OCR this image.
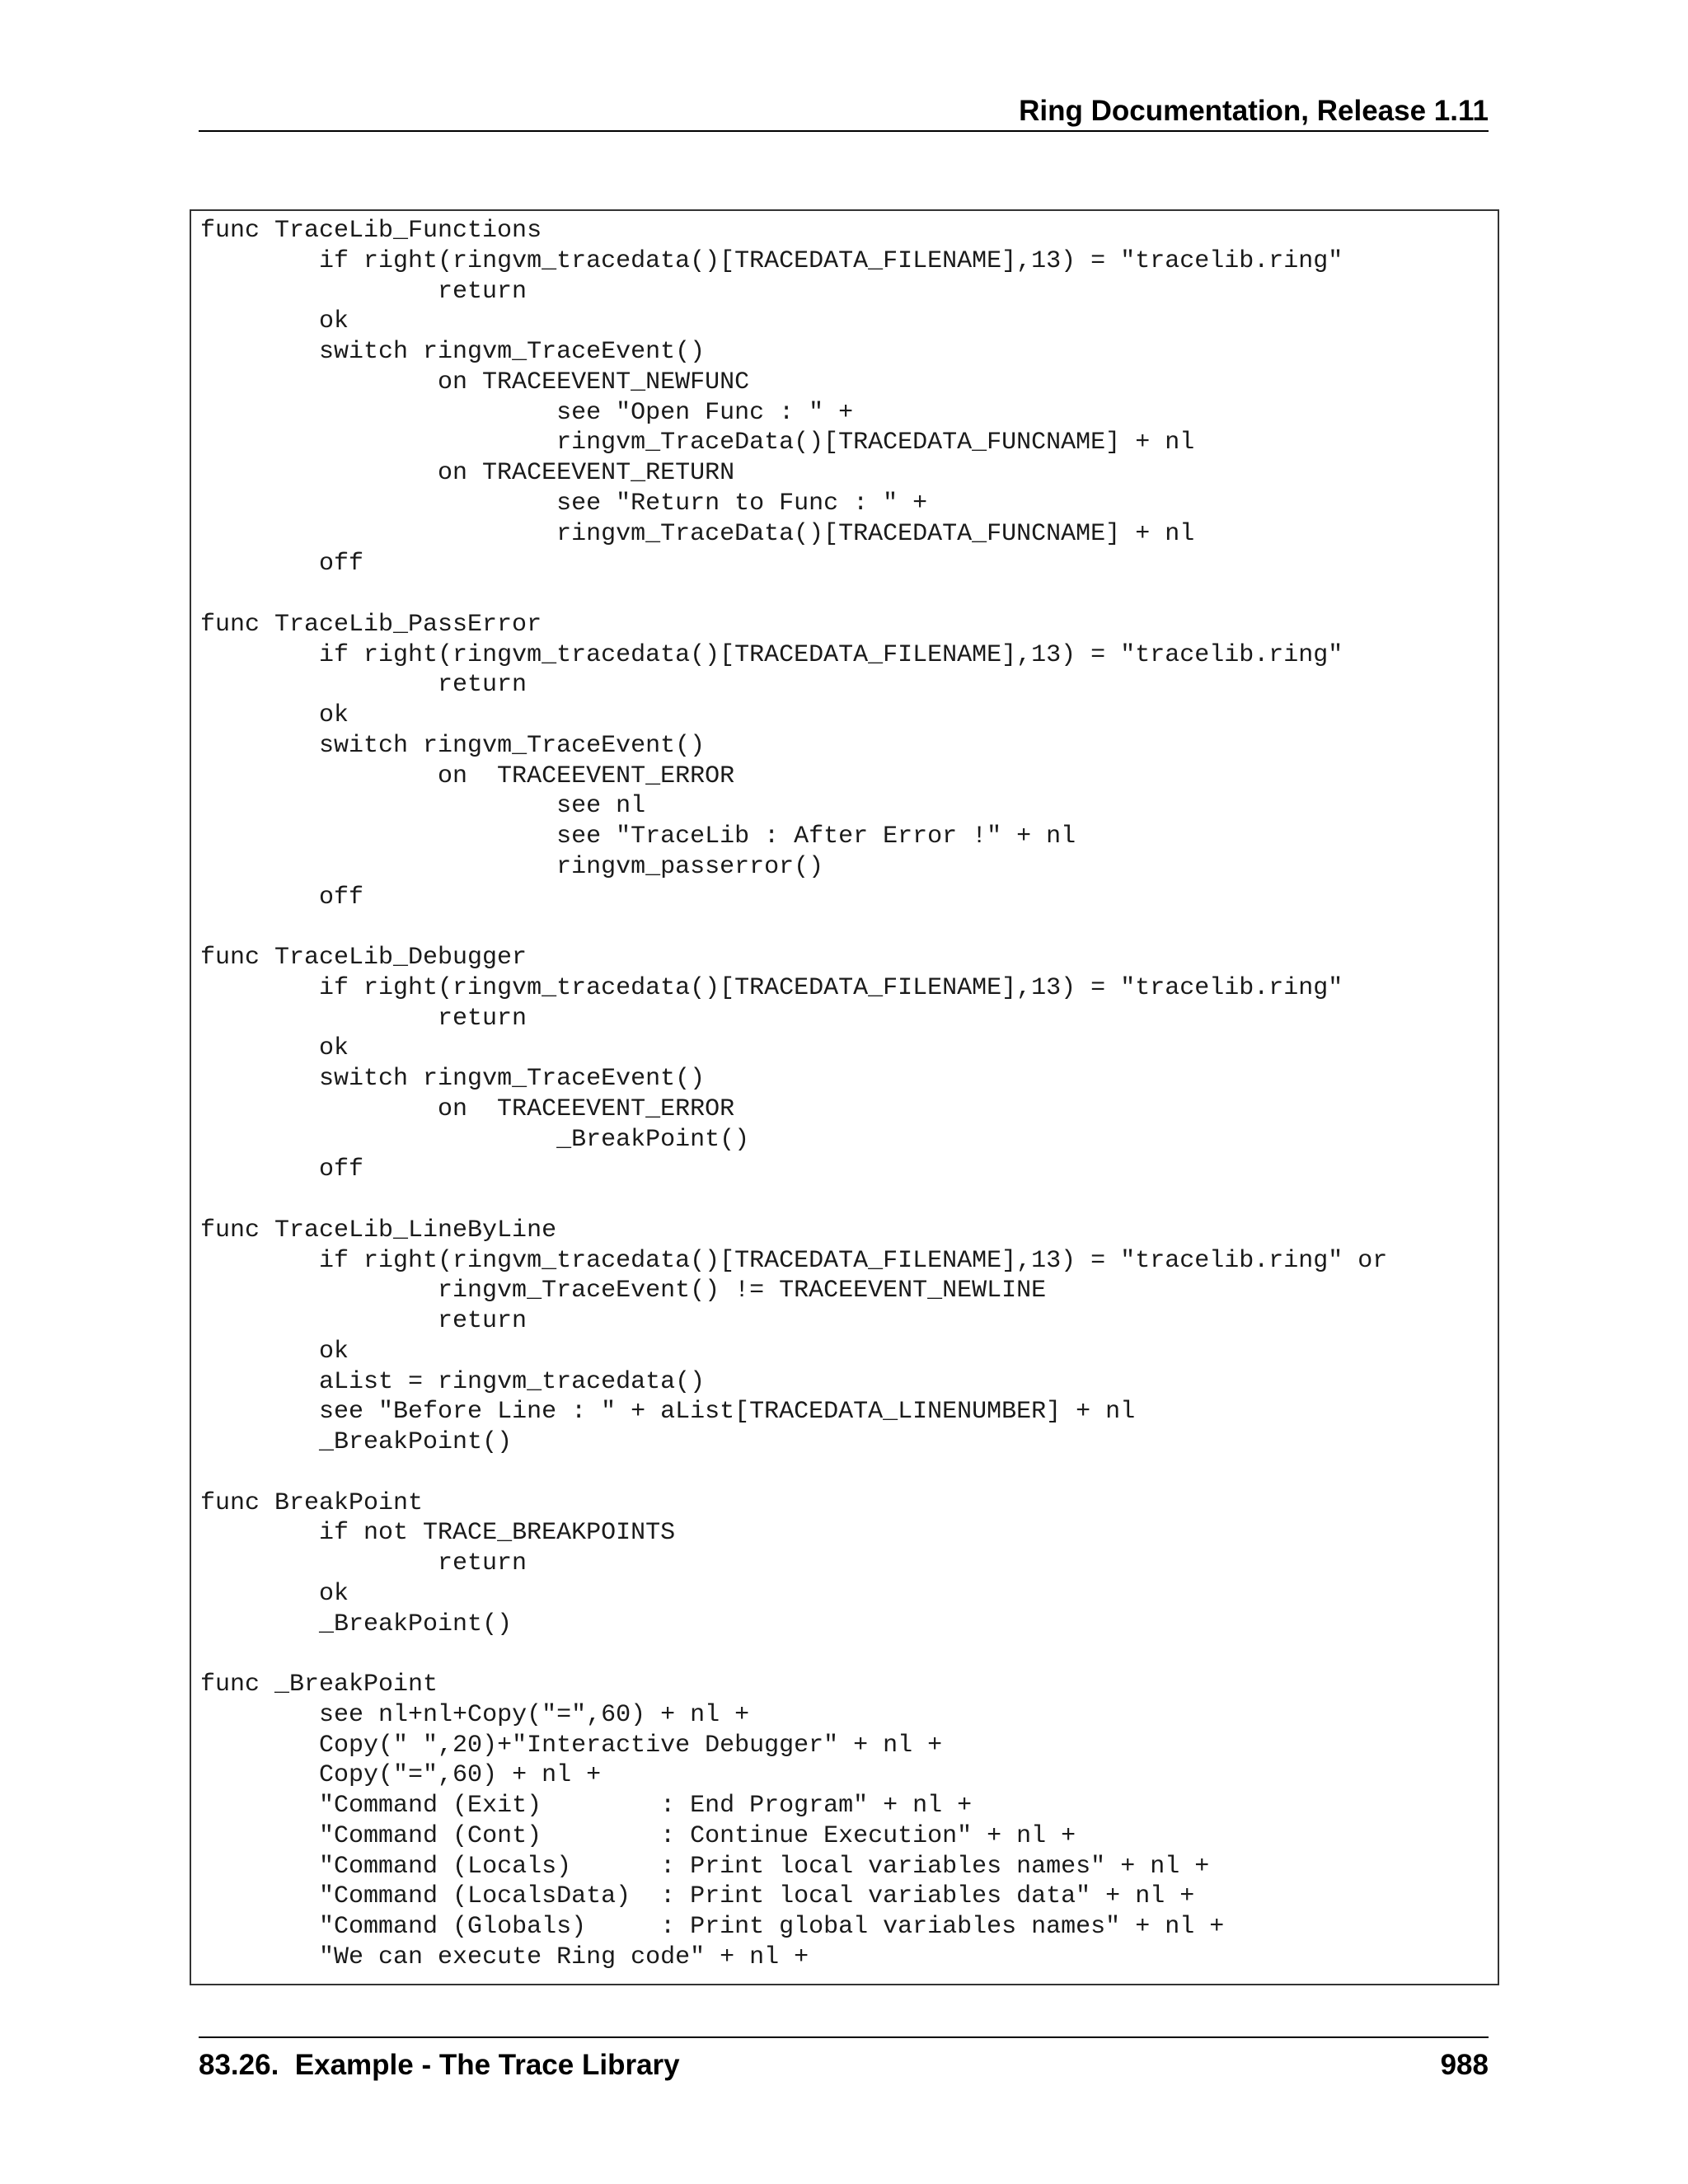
Ring Documentation, Release 1.11
func TraceLib_Functions
	if right(ringvm_tracedata()[TRACEDATA_FILENAME],13) = "tracelib.ring"
		return
	ok
	switch ringvm_TraceEvent()
		on TRACEEVENT_NEWFUNC
			see "Open Func : " +
			ringvm_TraceData()[TRACEDATA_FUNCNAME] + nl
		on TRACEEVENT_RETURN
			see "Return to Func : " +
			ringvm_TraceData()[TRACEDATA_FUNCNAME] + nl
	off
func TraceLib_PassError
	if right(ringvm_tracedata()[TRACEDATA_FILENAME],13) = "tracelib.ring"
		return
	ok
	switch ringvm_TraceEvent()
		on  TRACEEVENT_ERROR
			see nl
			see "TraceLib : After Error !" + nl
			ringvm_passerror()
	off
func TraceLib_Debugger
	if right(ringvm_tracedata()[TRACEDATA_FILENAME],13) = "tracelib.ring"
		return
	ok
	switch ringvm_TraceEvent()
		on  TRACEEVENT_ERROR
			_BreakPoint()
	off
func TraceLib_LineByLine
	if right(ringvm_tracedata()[TRACEDATA_FILENAME],13) = "tracelib.ring" or
		ringvm_TraceEvent() != TRACEEVENT_NEWLINE
		return
	ok
	aList = ringvm_tracedata()
	see "Before Line : " + aList[TRACEDATA_LINENUMBER] + nl
	_BreakPoint()
func BreakPoint
	if not TRACE_BREAKPOINTS
		return
	ok
	_BreakPoint()
func _BreakPoint
	see nl+nl+Copy("=",60) + nl +
	Copy(" ",20)+"Interactive Debugger" + nl +
	Copy("=",60) + nl +
	"Command (Exit)        : End Program" + nl +
	"Command (Cont)        : Continue Execution" + nl +
	"Command (Locals)      : Print local variables names" + nl +
	"Command (LocalsData)  : Print local variables data" + nl +
	"Command (Globals)     : Print global variables names" + nl +
	"We can execute Ring code" + nl +
83.26.  Example - The Trace Library	988
